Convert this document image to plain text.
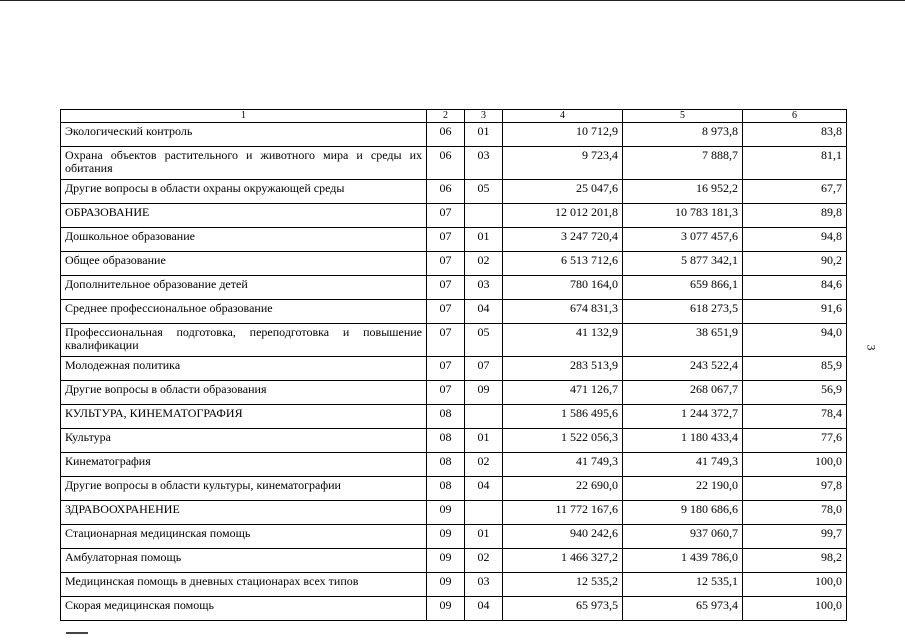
3
1	2	3	4	5	6
Экологический контроль	06	01	10 712,9	8 973,8	83,8
Охрана объектов растительного и животного мира и среды их обитания	06	03	9 723,4	7 888,7	81,1
Другие вопросы в области охраны окружающей среды	06	05	25 047,6	16 952,2	67,7
ОБРАЗОВАНИЕ	07		12 012 201,8	10 783 181,3	89,8
Дошкольное образование	07	01	3 247 720,4	3 077 457,6	94,8
Общее образование	07	02	6 513 712,6	5 877 342,1	90,2
Дополнительное образование детей	07	03	780 164,0	659 866,1	84,6
Среднее профессиональное образование	07	04	674 831,3	618 273,5	91,6
Профессиональная подготовка, переподготовка и повышение квалификации	07	05	41 132,9	38 651,9	94,0
Молодежная политика	07	07	283 513,9	243 522,4	85,9
Другие вопросы в области образования	07	09	471 126,7	268 067,7	56,9
КУЛЬТУРА, КИНЕМАТОГРАФИЯ	08		1 586 495,6	1 244 372,7	78,4
Культура	08	01	1 522 056,3	1 180 433,4	77,6
Кинематография	08	02	41 749,3	41 749,3	100,0
Другие вопросы в области культуры, кинематографии	08	04	22 690,0	22 190,0	97,8
ЗДРАВООХРАНЕНИЕ	09		11 772 167,6	9 180 686,6	78,0
Стационарная медицинская помощь	09	01	940 242,6	937 060,7	99,7
Амбулаторная помощь	09	02	1 466 327,2	1 439 786,0	98,2
Медицинская помощь в дневных стационарах всех типов	09	03	12 535,2	12 535,1	100,0
Скорая медицинская помощь	09	04	65 973,5	65 973,4	100,0
